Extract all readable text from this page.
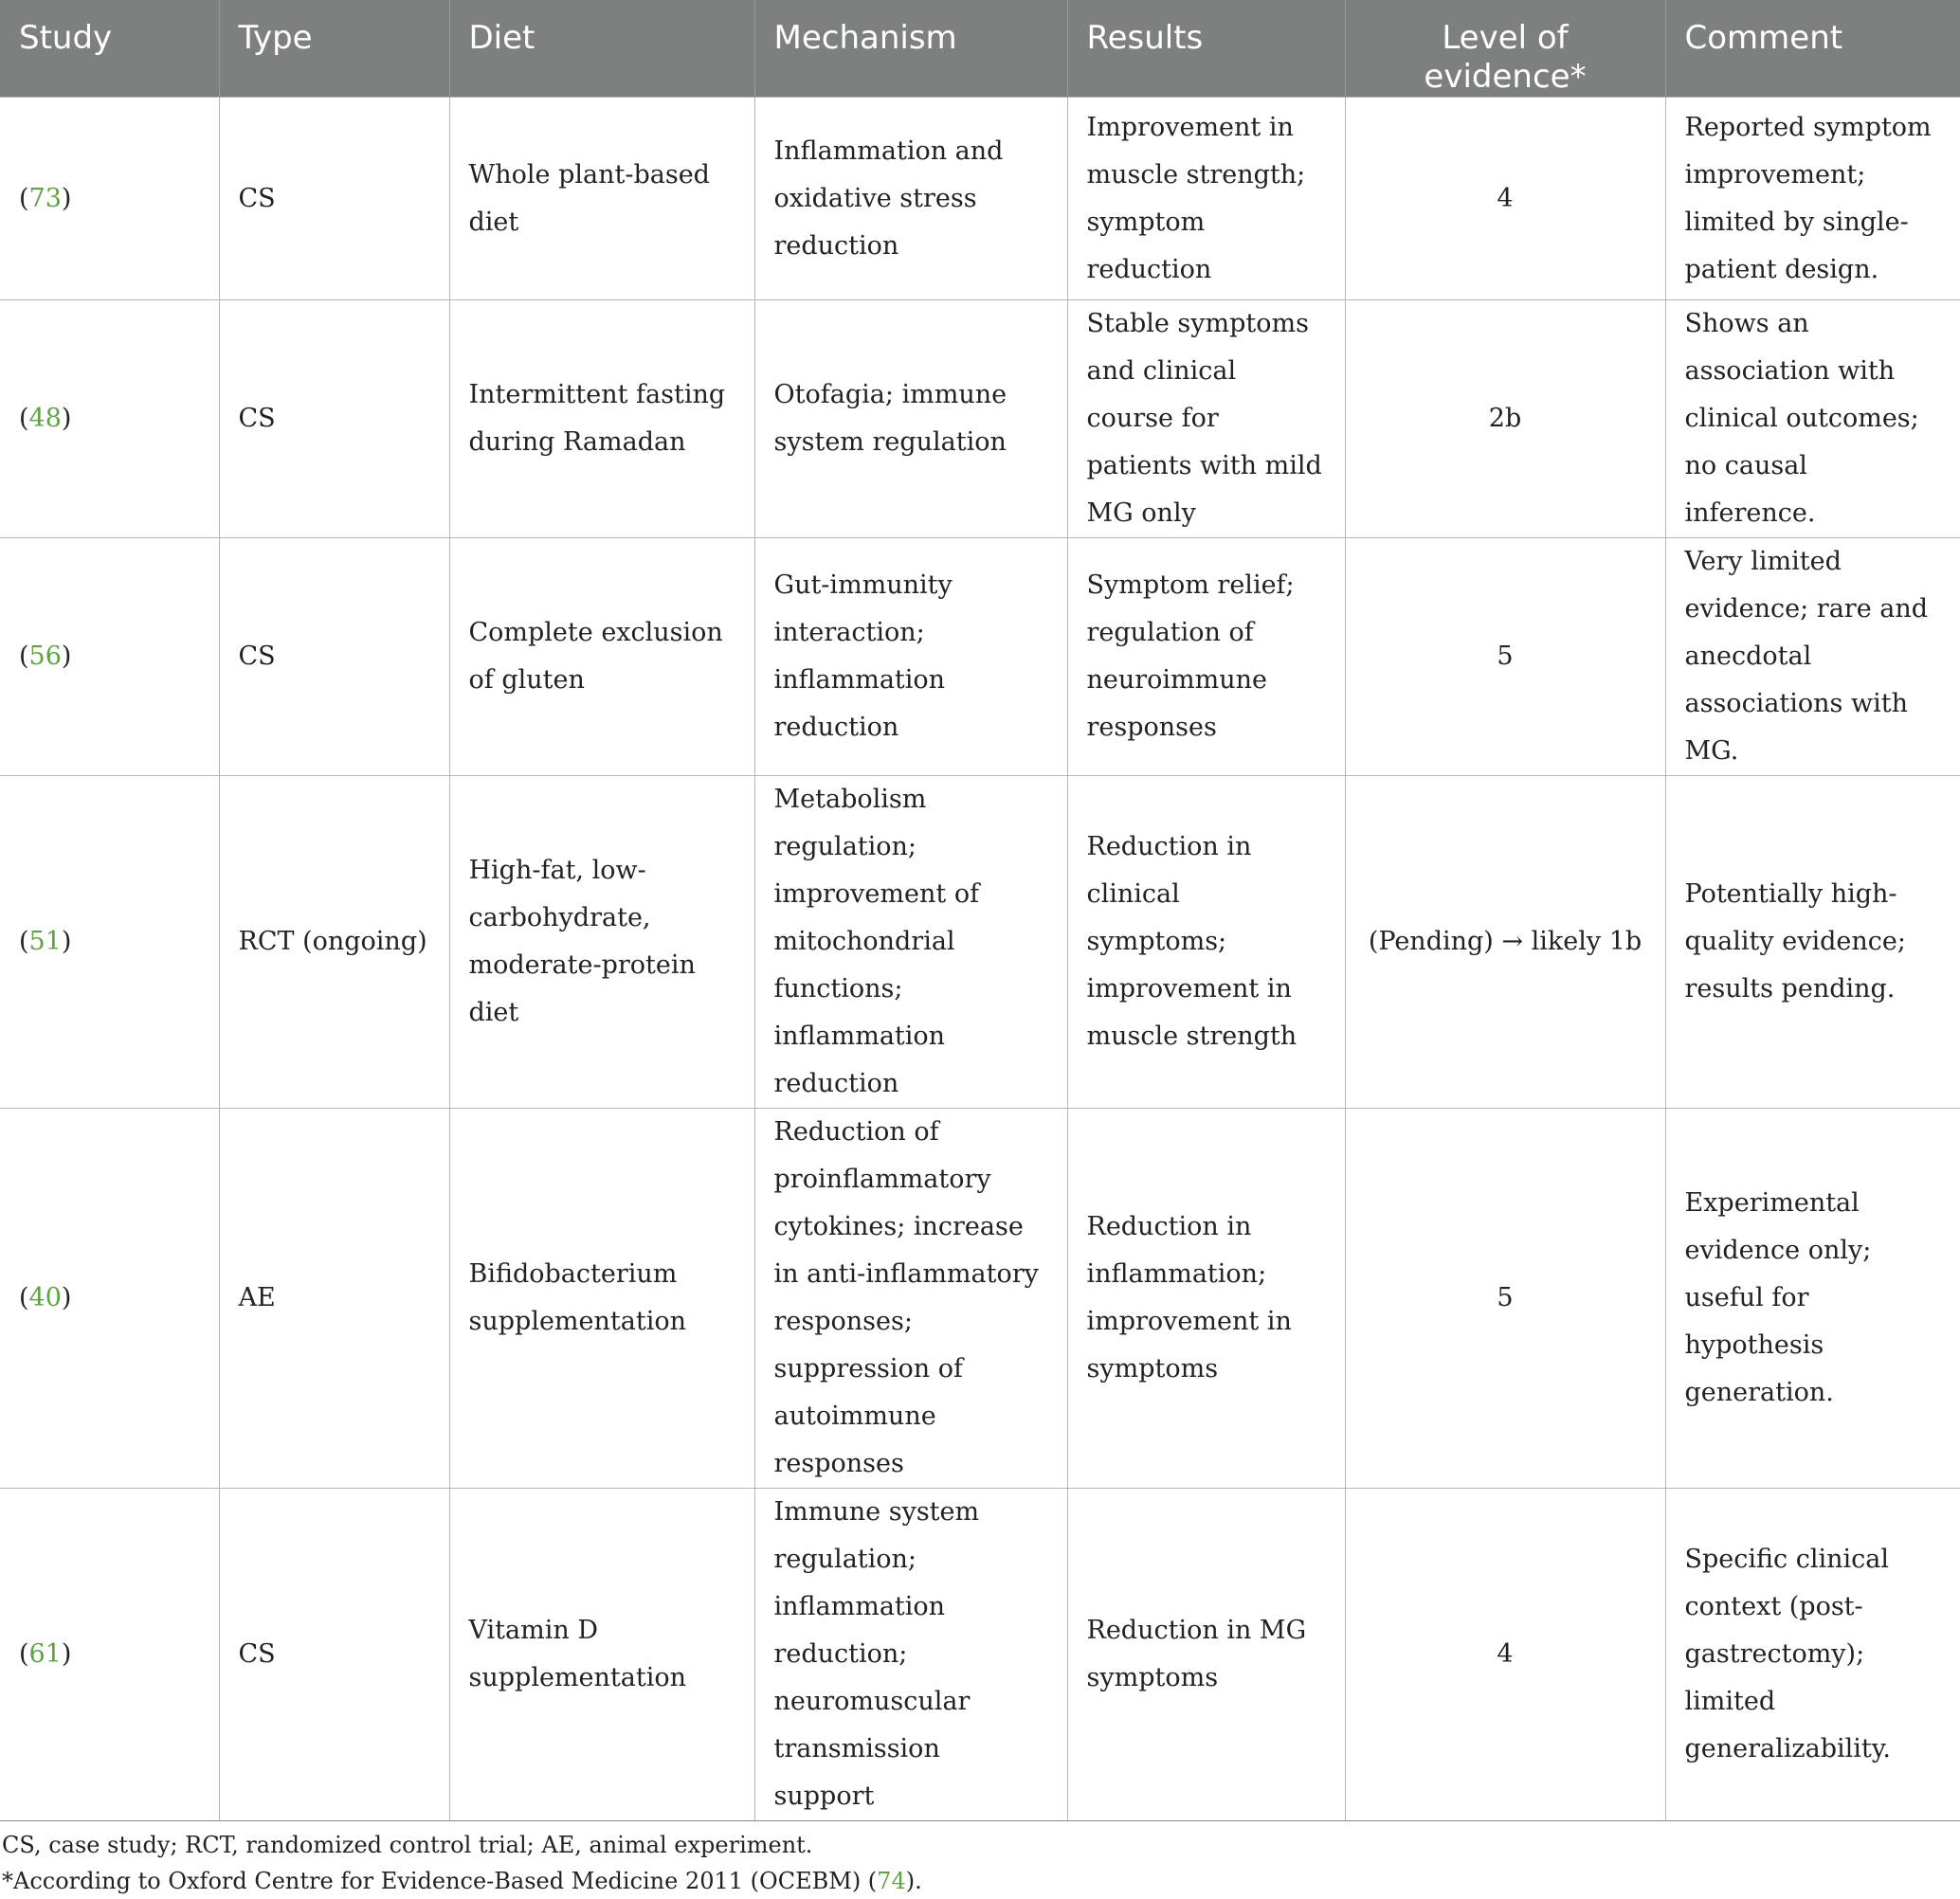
Study	Type	Diet	Mechanism	Results	Level of evidence*	Comment
(73)	CS	Whole plant-based diet	Inflammation and oxidative stress reduction	Improvement in muscle strength; symptom reduction	4	Reported symptom improvement; limited by single-patient design.
(48)	CS	Intermittent fasting during Ramadan	Otofagia; immune system regulation	Stable symptoms and clinical course for patients with mild MG only	2b	Shows an association with clinical outcomes; no causal inference.
(56)	CS	Complete exclusion of gluten	Gut-immunity interaction; inflammation reduction	Symptom relief; regulation of neuroimmune responses	5	Very limited evidence; rare and anecdotal associations with MG.
(51)	RCT (ongoing)	High-fat, low-carbohydrate, moderate-protein diet	Metabolism regulation; improvement of mitochondrial functions; inflammation reduction	Reduction in clinical symptoms; improvement in muscle strength	(Pending) → likely 1b	Potentially high-quality evidence; results pending.
(40)	AE	Bifidobacterium supplementation	Reduction of proinflammatory cytokines; increase in anti-inflammatory responses; suppression of autoimmune responses	Reduction in inflammation; improvement in symptoms	5	Experimental evidence only; useful for hypothesis generation.
(61)	CS	Vitamin D supplementation	Immune system regulation; inflammation reduction; neuromuscular transmission support	Reduction in MG symptoms	4	Specific clinical context (post-gastrectomy); limited generalizability.
CS, case study; RCT, randomized control trial; AE, animal experiment.
*According to Oxford Centre for Evidence-Based Medicine 2011 (OCEBM) (74).
